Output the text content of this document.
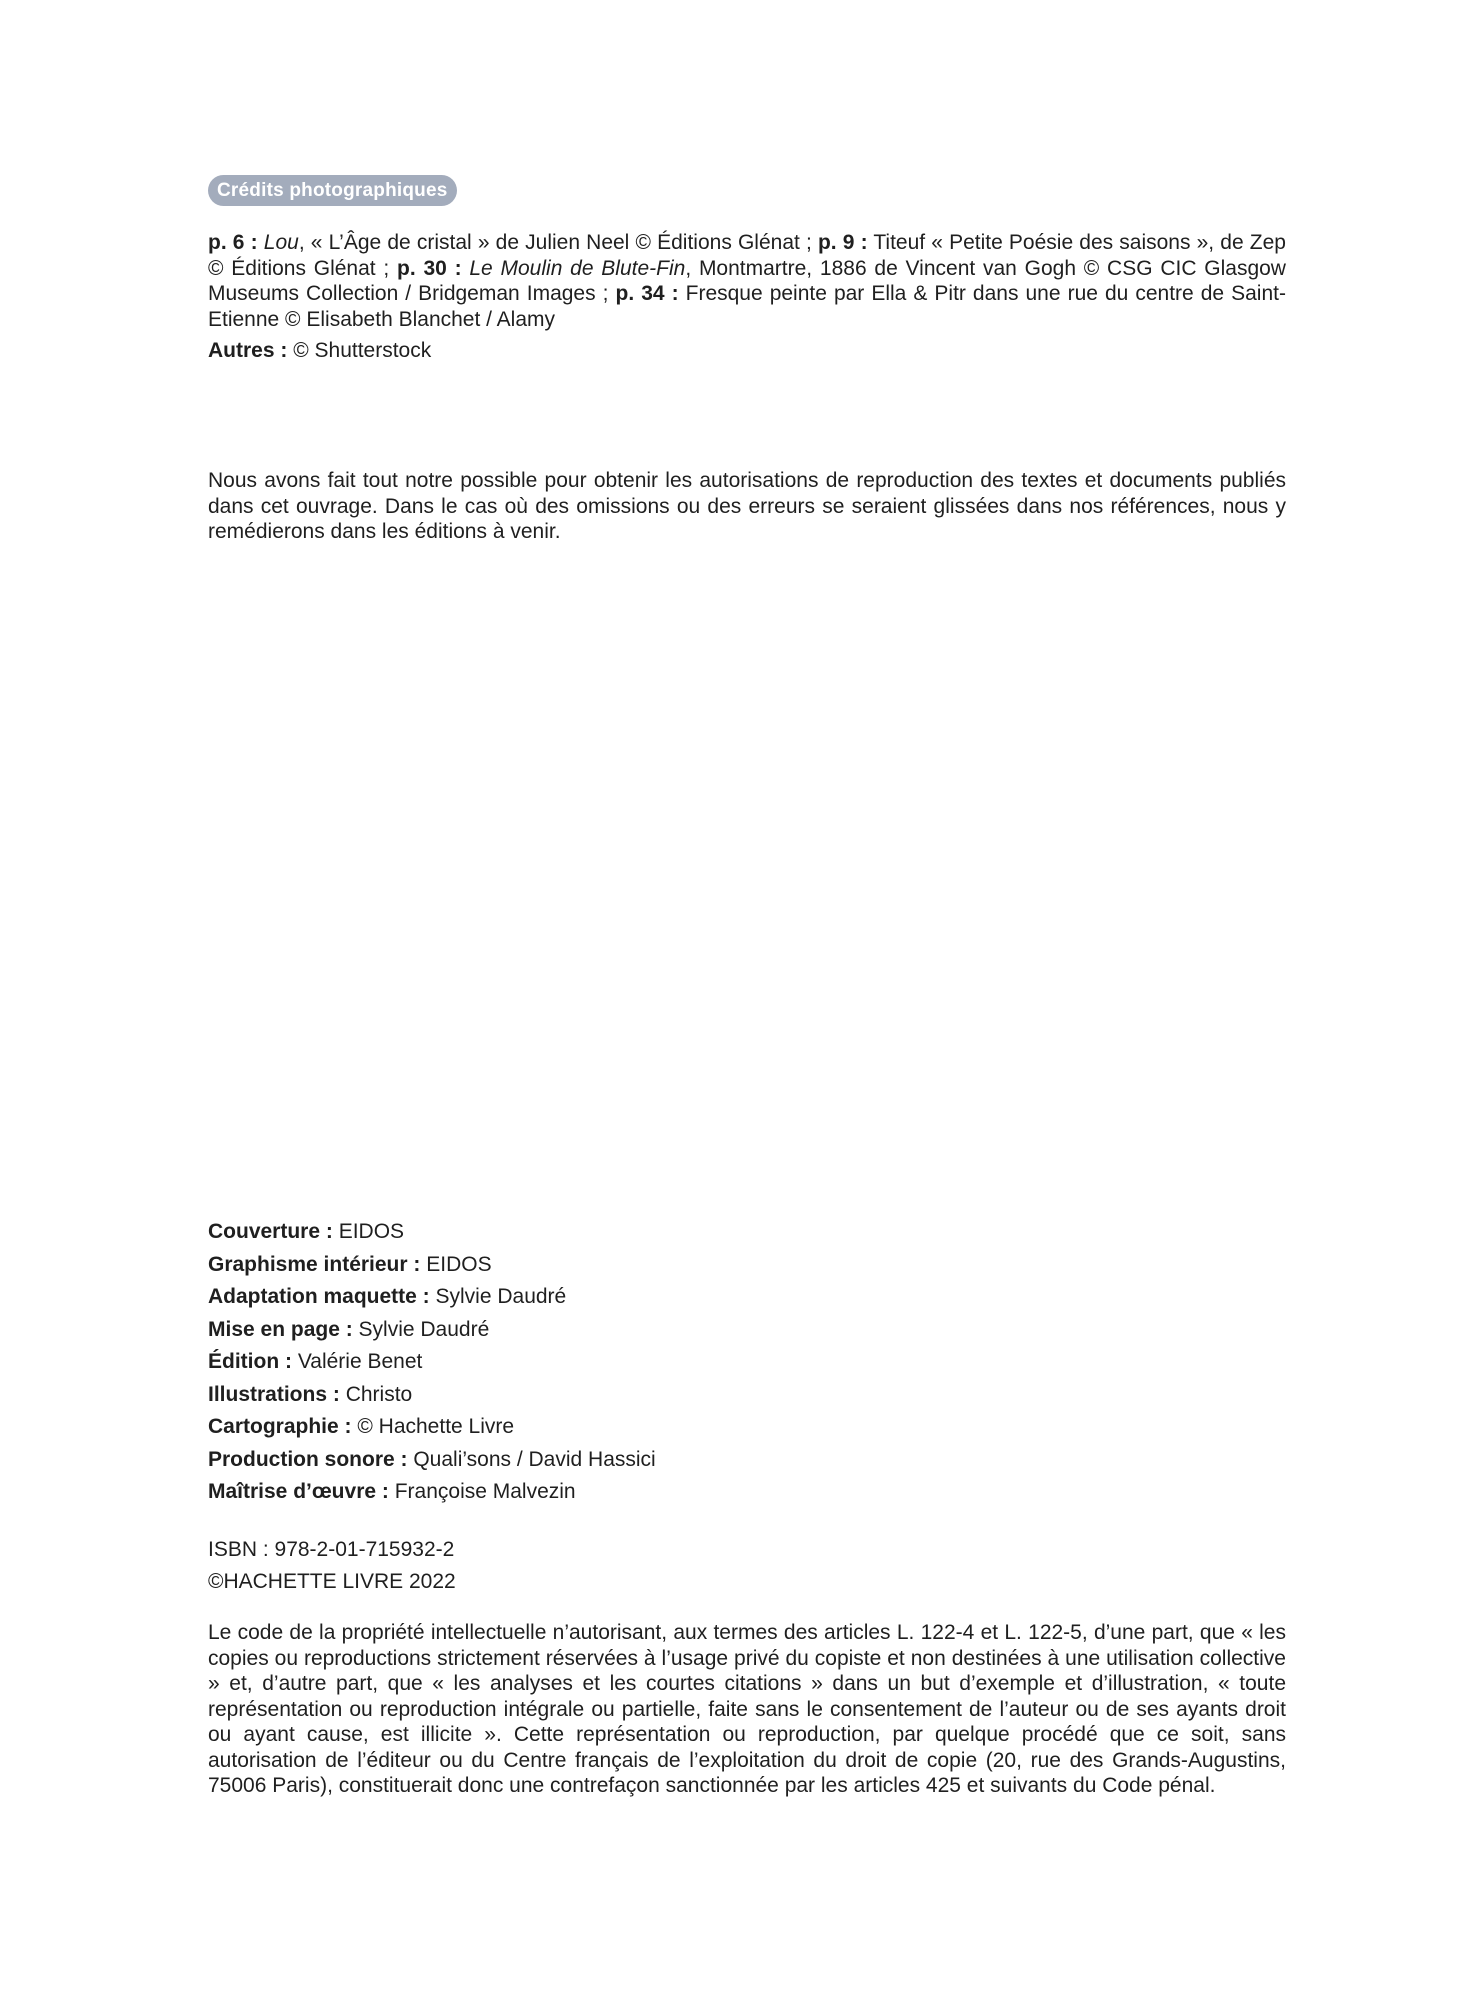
Crédits photographiques
p. 6 : Lou, « L’Âge de cristal » de Julien Neel © Éditions Glénat ; p. 9 : Titeuf « Petite Poésie des saisons », de Zep © Éditions Glénat ; p. 30 : Le Moulin de Blute-Fin, Montmartre, 1886 de Vincent van Gogh © CSG CIC Glasgow Museums Collection / Bridgeman Images ; p. 34 : Fresque peinte par Ella & Pitr dans une rue du centre de Saint-Etienne © Elisabeth Blanchet / Alamy
Autres : © Shutterstock
Nous avons fait tout notre possible pour obtenir les autorisations de reproduction des textes et documents publiés dans cet ouvrage. Dans le cas où des omissions ou des erreurs se seraient glissées dans nos références, nous y remédierons dans les éditions à venir.
Couverture : EIDOS
Graphisme intérieur : EIDOS
Adaptation maquette : Sylvie Daudré
Mise en page : Sylvie Daudré
Édition : Valérie Benet
Illustrations : Christo
Cartographie : © Hachette Livre
Production sonore : Quali’sons / David Hassici
Maîtrise d’œuvre : Françoise Malvezin
ISBN : 978-2-01-715932-2
©HACHETTE LIVRE 2022
Le code de la propriété intellectuelle n’autorisant, aux termes des articles L. 122-4 et L. 122-5, d’une part, que « les copies ou reproductions strictement réservées à l’usage privé du copiste et non destinées à une utilisation collective » et, d’autre part, que « les analyses et les courtes citations » dans un but d’exemple et d’illustration, « toute représentation ou reproduction intégrale ou partielle, faite sans le consentement de l’auteur ou de ses ayants droit ou ayant cause, est illicite ». Cette représentation ou reproduction, par quelque procédé que ce soit, sans autorisation de l’éditeur ou du Centre français de l’exploitation du droit de copie (20, rue des Grands-Augustins, 75006 Paris), constituerait donc une contrefaçon sanctionnée par les articles 425 et suivants du Code pénal.
